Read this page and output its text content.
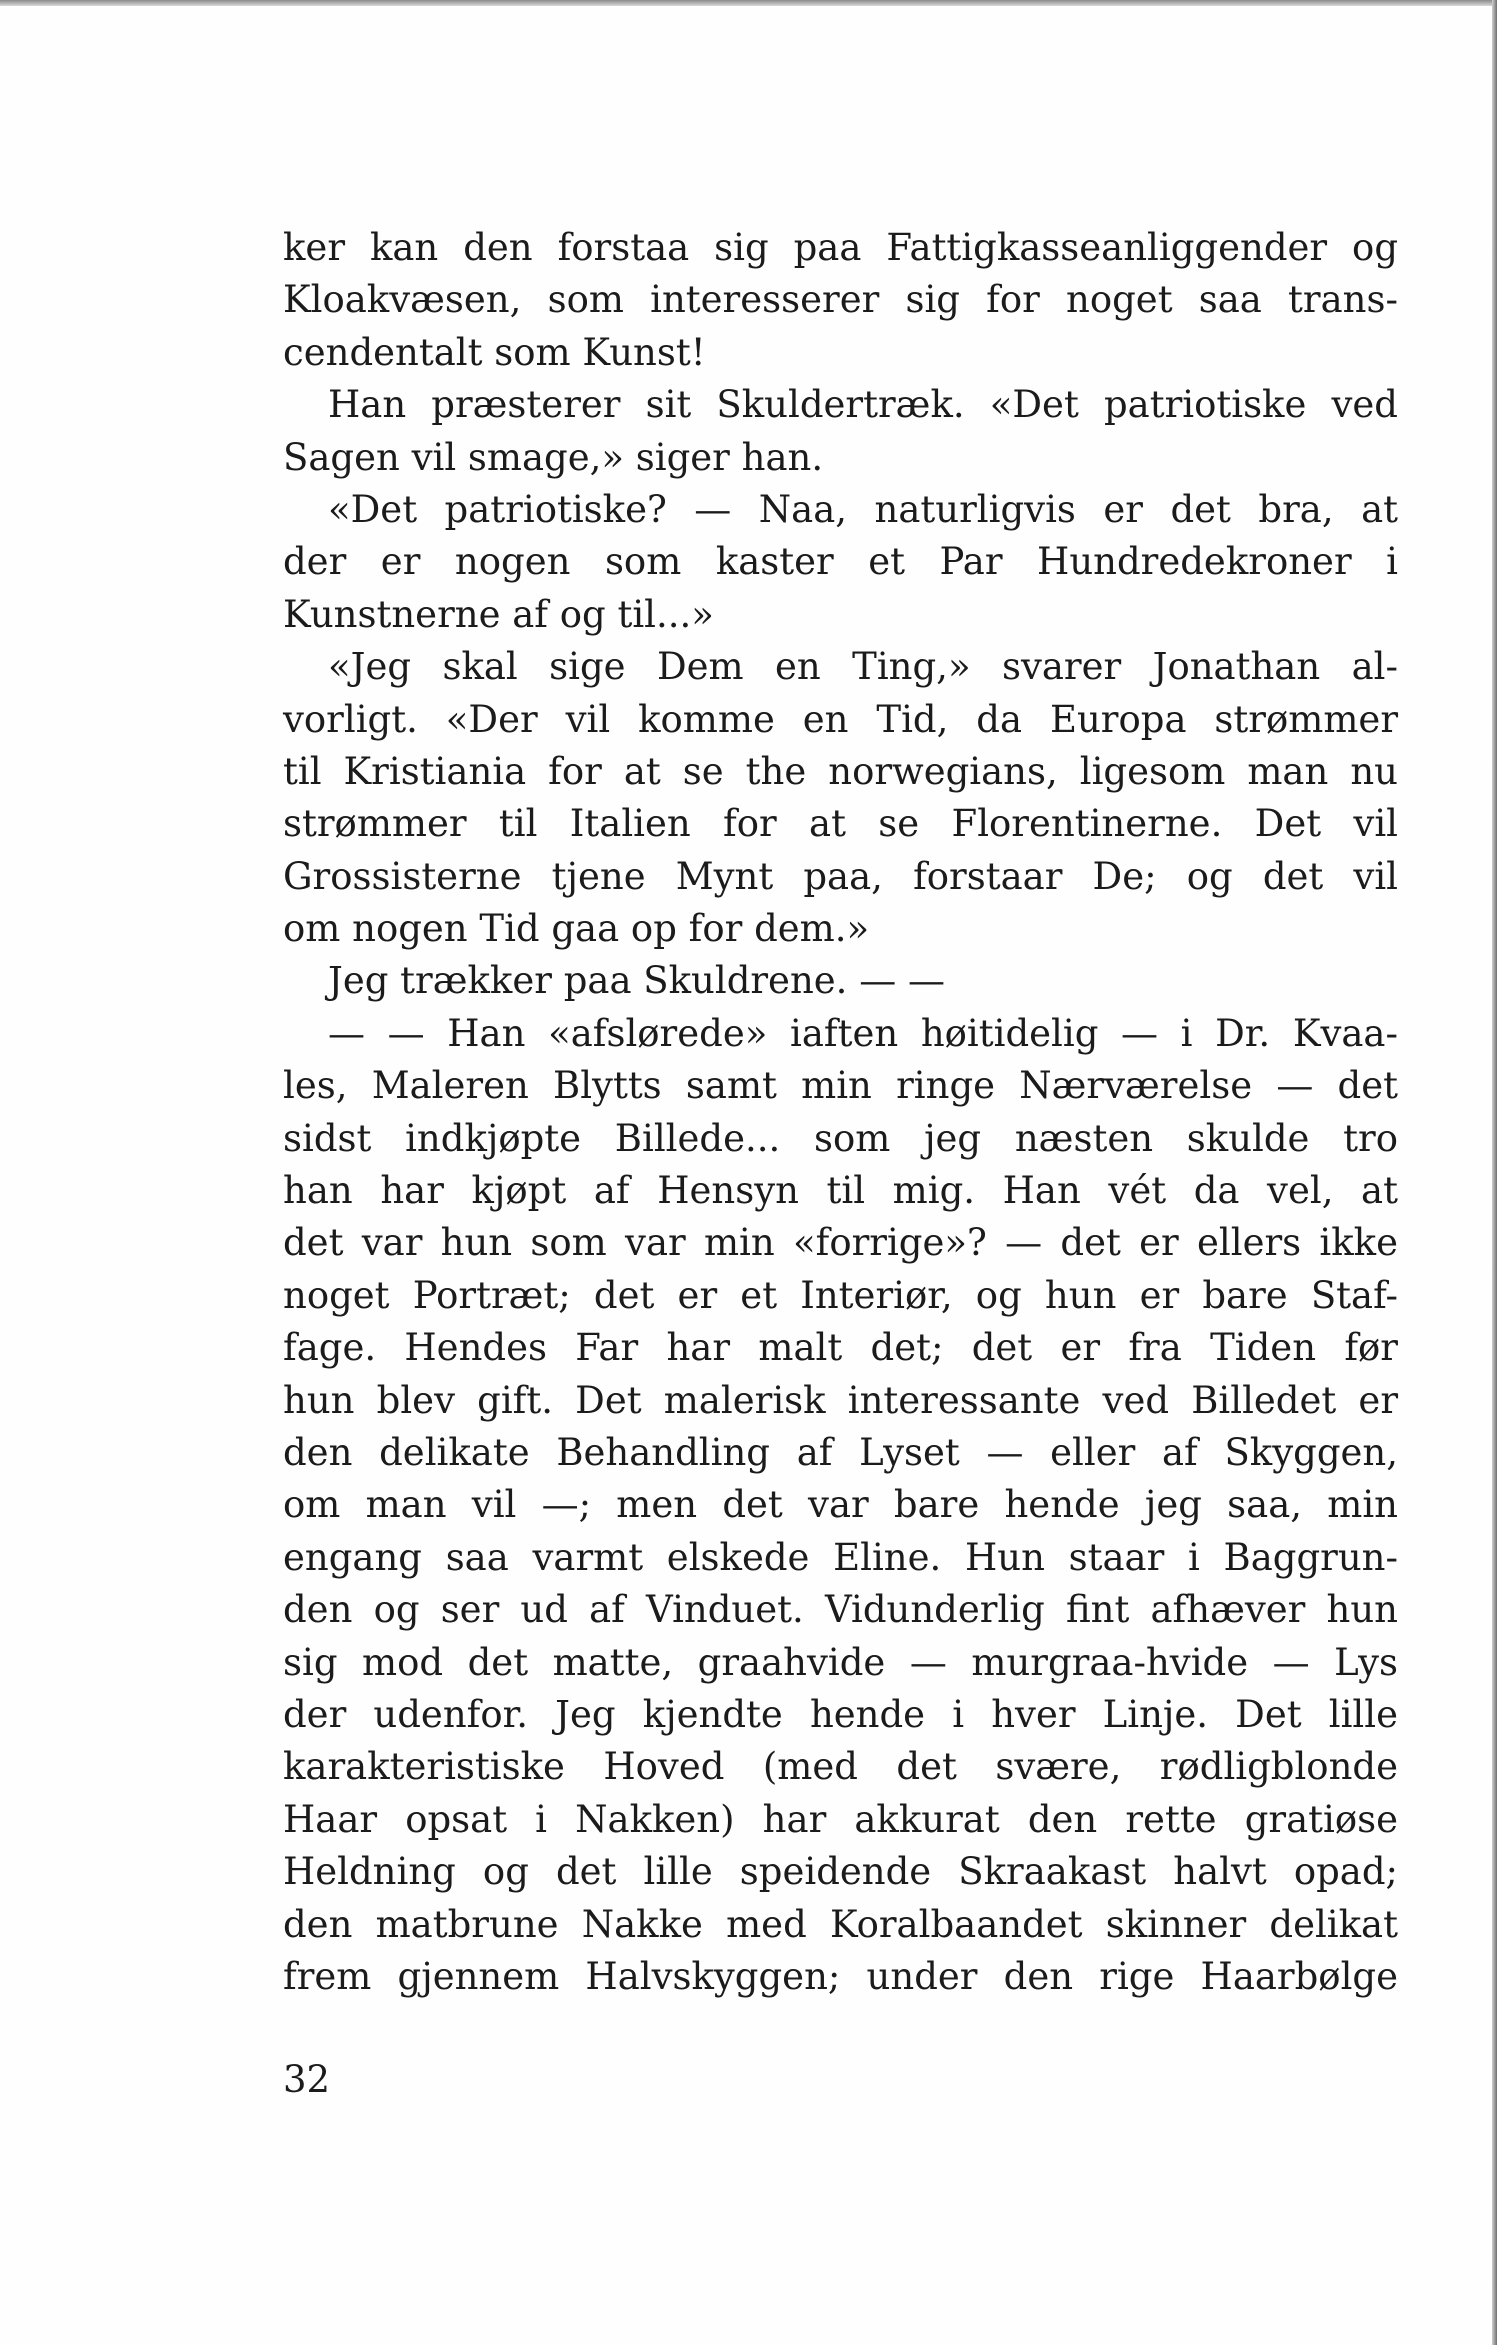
ker kan den forstaa sig paa Fattigkasseanliggender og
Kloakvæsen, som interesserer sig for noget saa trans-
cendentalt som Kunst!
Han præsterer sit Skuldertræk. «Det patriotiske ved
Sagen vil smage,» siger han.
«Det patriotiske? — Naa, naturligvis er det bra, at
der er nogen som kaster et Par Hundredekroner i
Kunstnerne af og til...»
«Jeg skal sige Dem en Ting,» svarer Jonathan al-
vorligt. «Der vil komme en Tid, da Europa strømmer
til Kristiania for at se the norwegians, ligesom man nu
strømmer til Italien for at se Florentinerne. Det vil
Grossisterne tjene Mynt paa, forstaar De; og det vil
om nogen Tid gaa op for dem.»
Jeg trækker paa Skuldrene. — —
— — Han «afslørede» iaften høitidelig — i Dr. Kvaa-
les, Maleren Blytts samt min ringe Nærværelse — det
sidst indkjøpte Billede... som jeg næsten skulde tro
han har kjøpt af Hensyn til mig. Han vét da vel, at
det var hun som var min «forrige»? — det er ellers ikke
noget Portræt; det er et Interiør, og hun er bare Staf-
fage. Hendes Far har malt det; det er fra Tiden før
hun blev gift. Det malerisk interessante ved Billedet er
den delikate Behandling af Lyset — eller af Skyggen,
om man vil —; men det var bare hende jeg saa, min
engang saa varmt elskede Eline. Hun staar i Baggrun-
den og ser ud af Vinduet. Vidunderlig fint afhæver hun
sig mod det matte, graahvide — murgraa-hvide — Lys
der udenfor. Jeg kjendte hende i hver Linje. Det lille
karakteristiske Hoved (med det svære, rødligblonde
Haar opsat i Nakken) har akkurat den rette gratiøse
Heldning og det lille speidende Skraakast halvt opad;
den matbrune Nakke med Koralbaandet skinner delikat
frem gjennem Halvskyggen; under den rige Haarbølge
32
